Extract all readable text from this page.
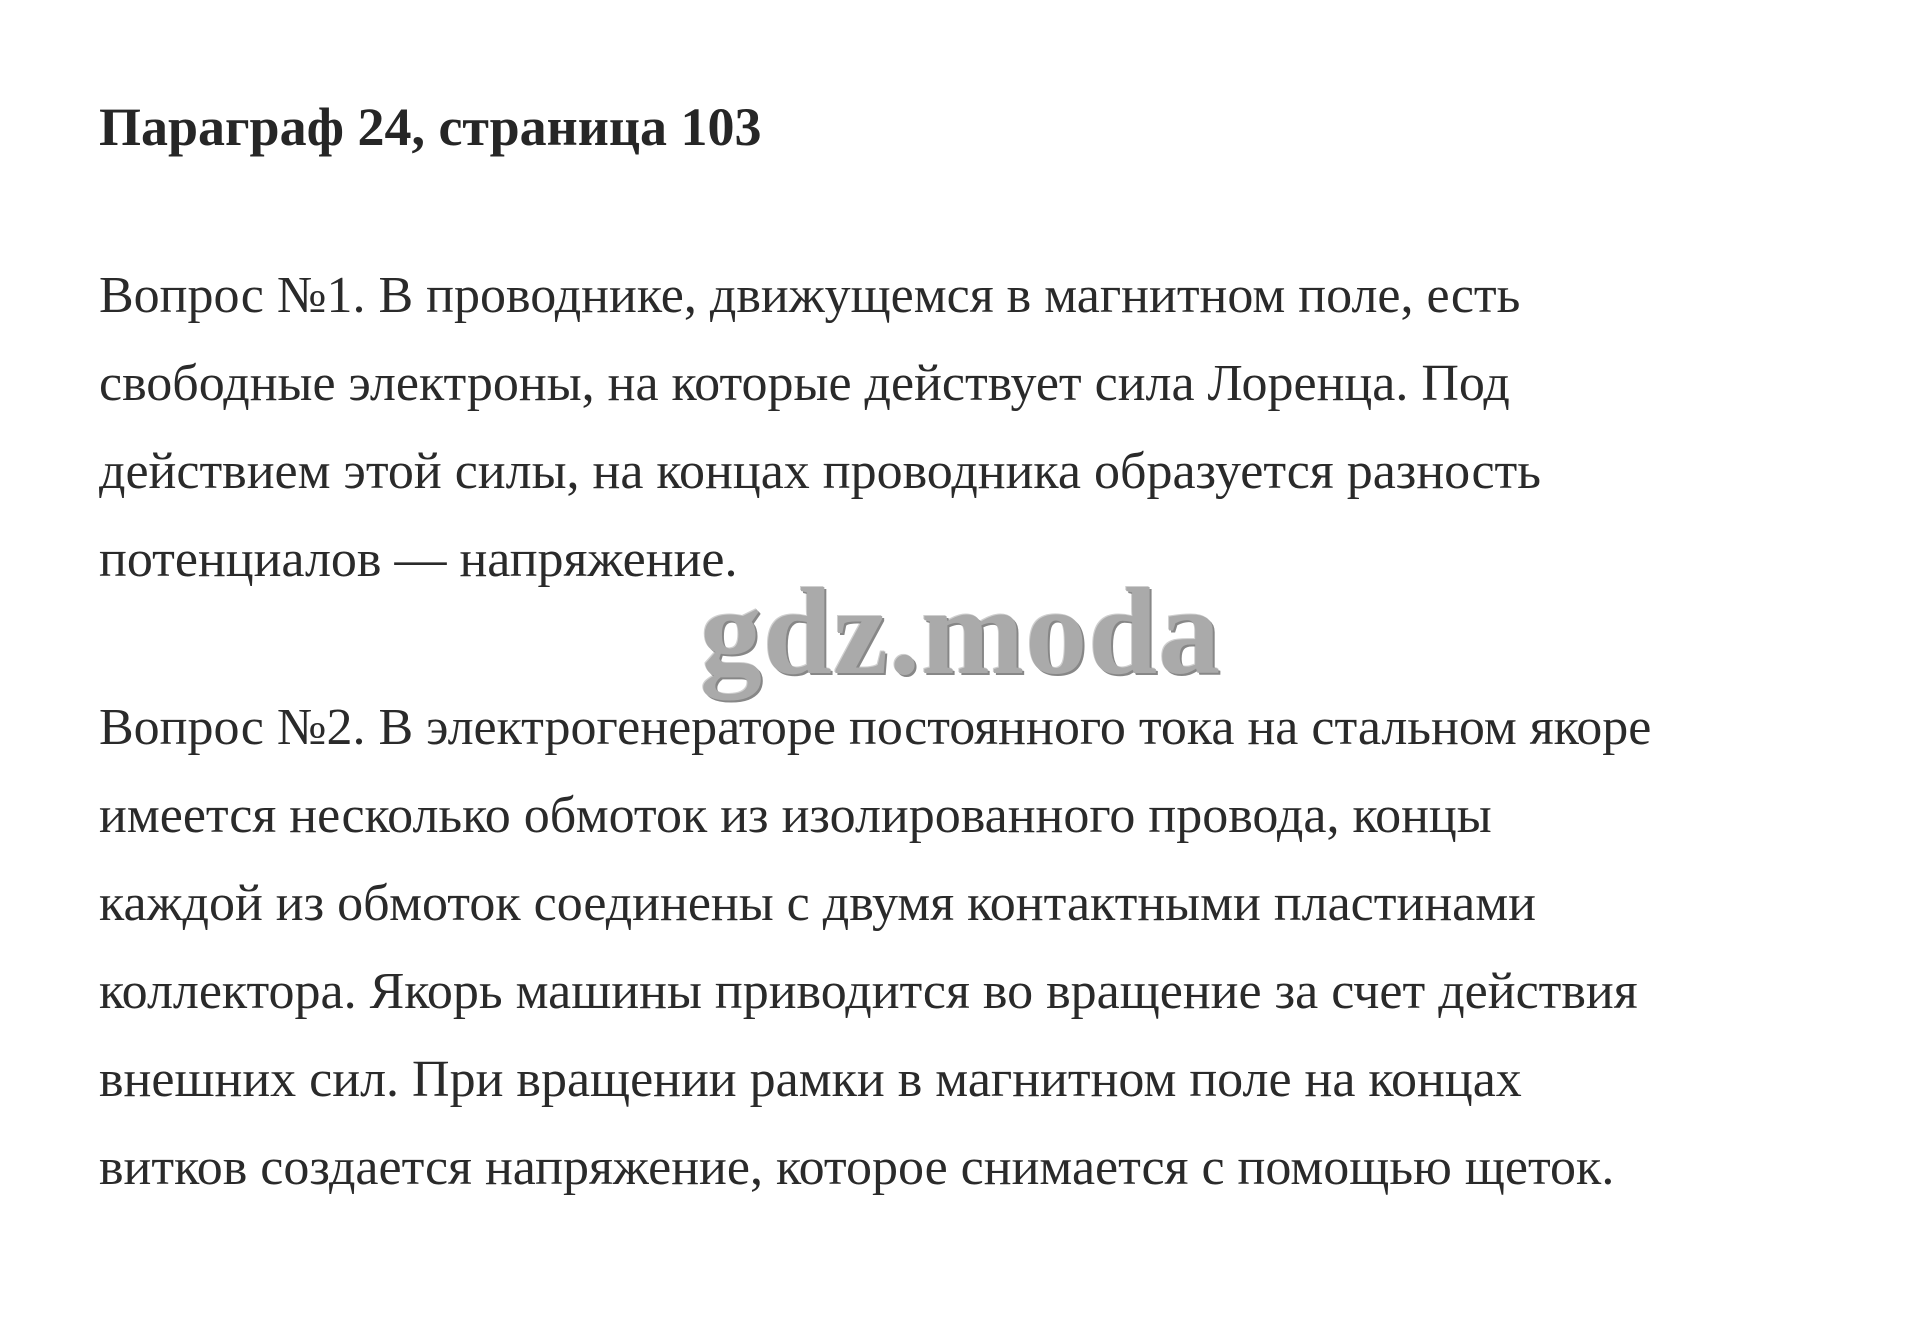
Параграф 24, страница 103

Вопрос №1. В проводнике, движущемся в магнитном поле, есть
свободные электроны, на которые действует сила Лоренца. Под
действием этой силы, на концах проводника образуется разность
потенциалов — напряжение.

gdz.moda

Вопрос №2. В электрогенераторе постоянного тока на стальном якоре
имеется несколько обмоток из изолированного провода, концы
каждой из обмоток соединены с двумя контактными пластинами
коллектора. Якорь машины приводится во вращение за счет действия
внешних сил. При вращении рамки в магнитном поле на концах
витков создается напряжение, которое снимается с помощью щеток.
